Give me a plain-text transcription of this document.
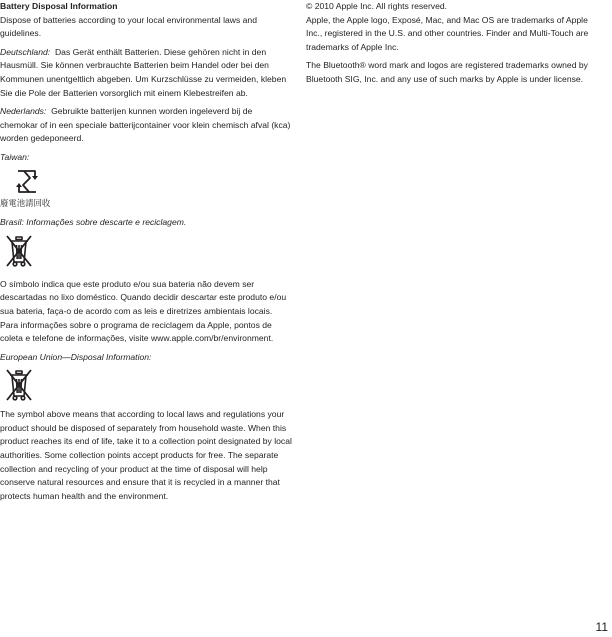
Battery Disposal Information
Dispose of batteries according to your local environmental laws and guidelines.

Deutschland: Das Gerät enthält Batterien. Diese gehören nicht in den Hausmüll. Sie können verbrauchte Batterien beim Handel oder bei den Kommunen unentgeltlich abgeben. Um Kurzschlüsse zu vermeiden, kleben Sie die Pole der Batterien vorsorglich mit einem Klebestreifen ab.

Nederlands: Gebruikte batterijen kunnen worden ingeleverd bij de chemokar of in een speciale batterijcontainer voor klein chemisch afval (kca) worden gedeponeerd.

Taiwan:

廢電池請回收

Brasil: Informações sobre descarte e reciclagem.

O símbolo indica que este produto e/ou sua bateria não devem ser descartadas no lixo doméstico. Quando decidir descartar este produto e/ou sua bateria, faça-o de acordo com as leis e diretrizes ambientais locais. Para informações sobre o programa de reciclagem da Apple, pontos de coleta e telefone de informações, visite www.apple.com/br/environment.

European Union—Disposal Information:

The symbol above means that according to local laws and regulations your product should be disposed of separately from household waste. When this product reaches its end of life, take it to a collection point designated by local authorities. Some collection points accept products for free. The separate collection and recycling of your product at the time of disposal will help conserve natural resources and ensure that it is recycled in a manner that protects human health and the environment.

© 2010 Apple Inc. All rights reserved.

Apple, the Apple logo, Exposé, Mac, and Mac OS are trademarks of Apple Inc., registered in the U.S. and other countries. Finder and Multi-Touch are trademarks of Apple Inc.

The Bluetooth® word mark and logos are registered trademarks owned by Bluetooth SIG, Inc. and any use of such marks by Apple is under license.

11
